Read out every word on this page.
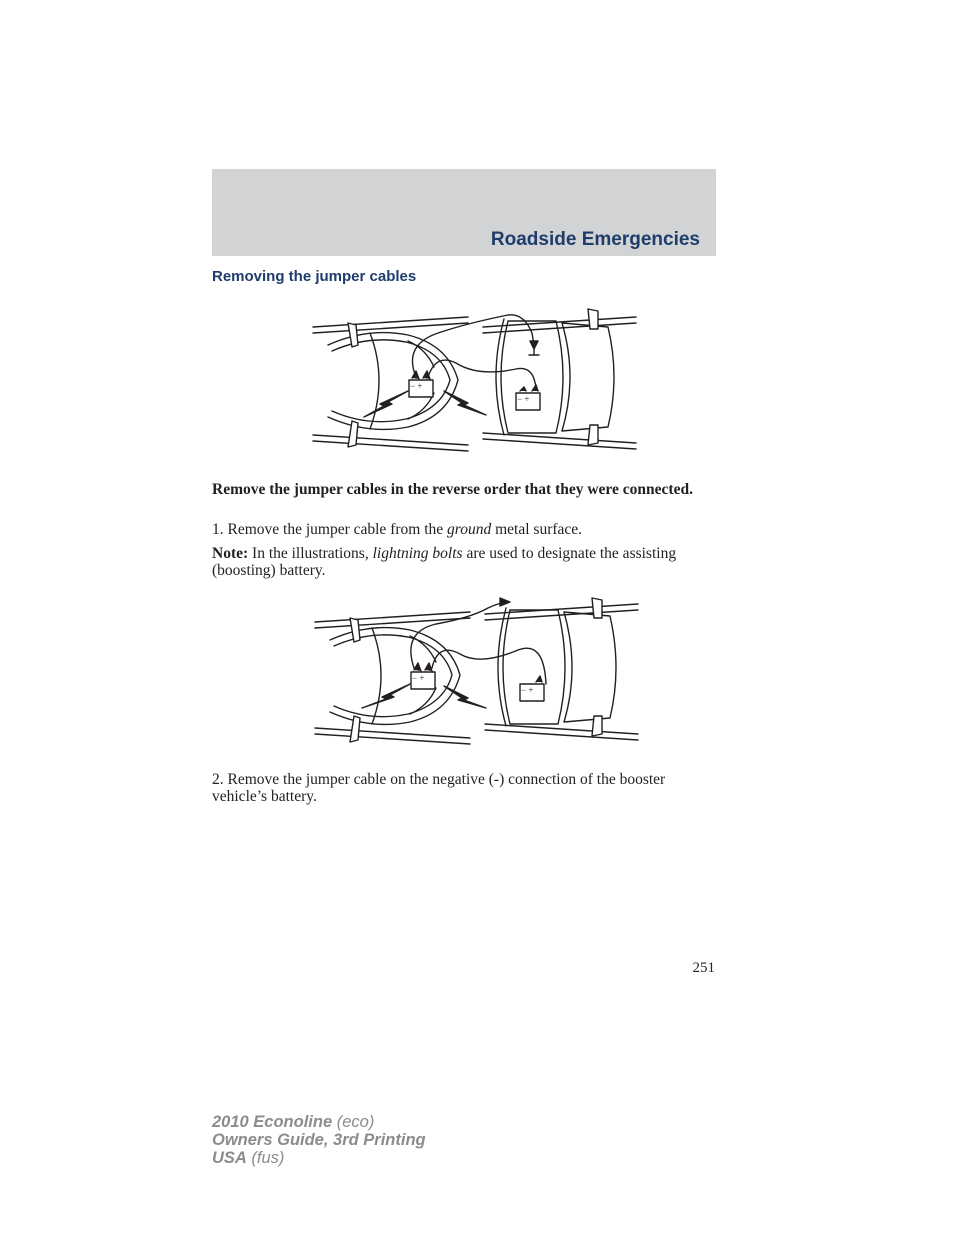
Roadside Emergencies
Removing the jumper cables
− +
− +
Remove the jumper cables in the reverse order that they were connected.
1. Remove the jumper cable from the ground metal surface.
Note: In the illustrations, lightning bolts are used to designate the assisting (boosting) battery.
− +
− +
2. Remove the jumper cable on the negative (-) connection of the booster vehicle’s battery.
251
2010 Econoline (eco)
Owners Guide, 3rd Printing
USA (fus)
